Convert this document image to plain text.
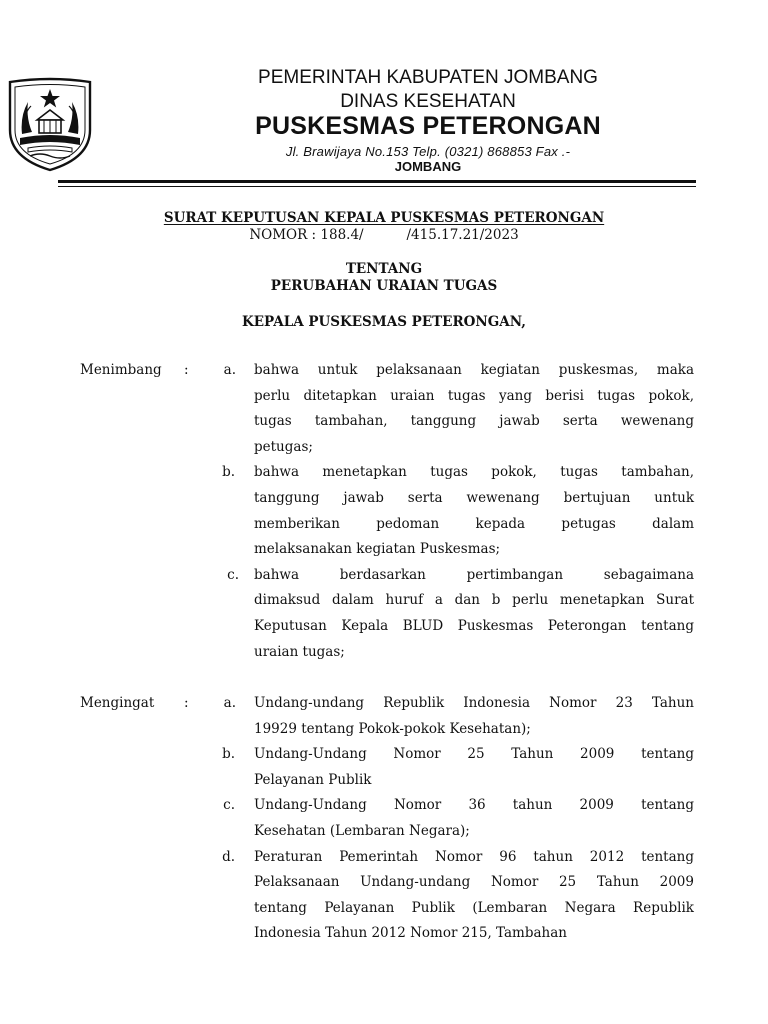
PEMERINTAH KABUPATEN JOMBANG
DINAS KESEHATAN
PUSKESMAS PETERONGAN
Jl. Brawijaya No.153 Telp. (0321) 868853 Fax .-
JOMBANG
SURAT KEPUTUSAN KEPALA PUSKESMAS PETERONGAN
NOMOR : 188.4/          /415.17.21/2023
TENTANG
PERUBAHAN URAIAN TUGAS
KEPALA PUSKESMAS PETERONGAN,
Menimbang :	a. bahwa untuk pelaksanaan kegiatan puskesmas, maka
perlu ditetapkan uraian tugas yang berisi tugas pokok,
tugas tambahan, tanggung jawab serta wewenang
petugas;
b. bahwa menetapkan tugas pokok, tugas tambahan,
tanggung jawab serta wewenang bertujuan untuk
memberikan pedoman kepada petugas dalam
melaksanakan kegiatan Puskesmas;
c. bahwa berdasarkan pertimbangan sebagaimana
dimaksud dalam huruf a dan b perlu menetapkan Surat
Keputusan Kepala BLUD Puskesmas Peterongan tentang
uraian tugas;
Mengingat :	a. Undang-undang Republik Indonesia Nomor 23 Tahun
19929 tentang Pokok-pokok Kesehatan);
b. Undang-Undang Nomor 25 Tahun 2009 tentang
Pelayanan Publik
c. Undang-Undang Nomor 36 tahun 2009 tentang
Kesehatan (Lembaran Negara);
d. Peraturan Pemerintah Nomor 96 tahun 2012 tentang
Pelaksanaan Undang-undang Nomor 25 Tahun 2009
tentang Pelayanan Publik (Lembaran Negara Republik
Indonesia Tahun 2012 Nomor 215, Tambahan
